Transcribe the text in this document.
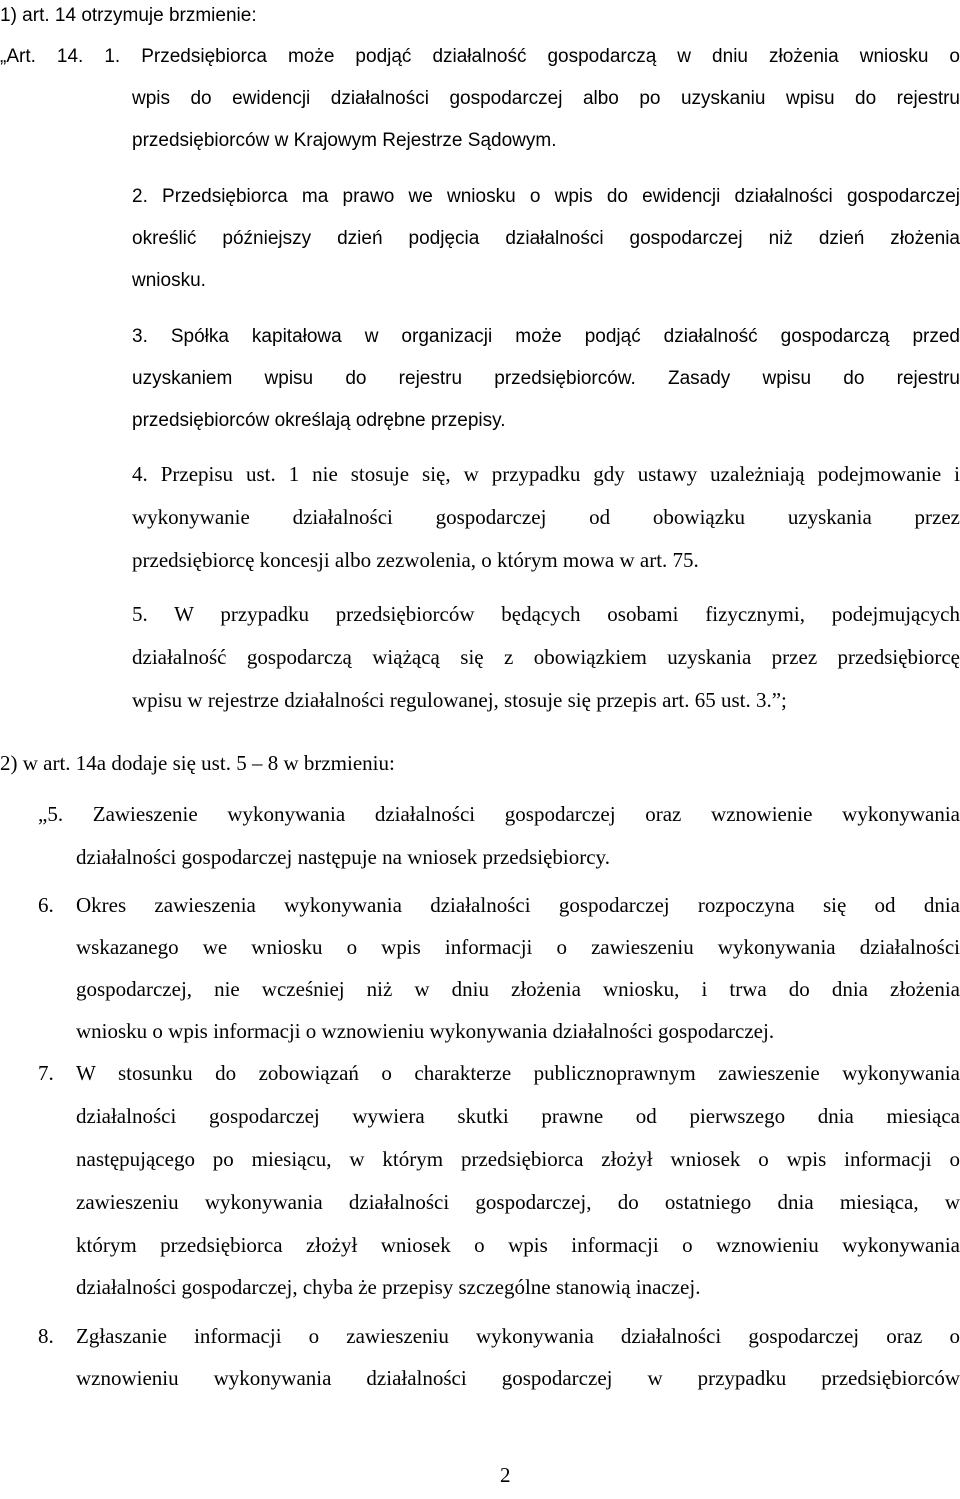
1) art. 14 otrzymuje brzmienie:
„Art. 14. 1. Przedsiębiorca może podjąć działalność gospodarczą w dniu złożenia wniosku o
wpis do ewidencji działalności gospodarczej albo po uzyskaniu wpisu do rejestru
przedsiębiorców w Krajowym Rejestrze Sądowym.
2. Przedsiębiorca ma prawo we wniosku o wpis do ewidencji działalności gospodarczej
określić późniejszy dzień podjęcia działalności gospodarczej niż dzień złożenia
wniosku.
3. Spółka kapitałowa w organizacji może podjąć działalność gospodarczą przed
uzyskaniem wpisu do rejestru przedsiębiorców. Zasady wpisu do rejestru
przedsiębiorców określają odrębne przepisy.
4. Przepisu ust. 1 nie stosuje się, w przypadku gdy ustawy uzależniają podejmowanie i
wykonywanie działalności gospodarczej od obowiązku uzyskania przez
przedsiębiorcę koncesji albo zezwolenia, o którym mowa w art. 75.
5. W przypadku przedsiębiorców będących osobami fizycznymi, podejmujących
działalność gospodarczą wiążącą się z obowiązkiem uzyskania przez przedsiębiorcę
wpisu w rejestrze działalności regulowanej, stosuje się przepis art. 65 ust. 3.”;
2) w art. 14a dodaje się ust. 5 – 8 w brzmieniu:
„5. Zawieszenie wykonywania działalności gospodarczej oraz wznowienie wykonywania
działalności gospodarczej następuje na wniosek przedsiębiorcy.
6. Okres zawieszenia wykonywania działalności gospodarczej rozpoczyna się od dnia
wskazanego we wniosku o wpis informacji o zawieszeniu wykonywania działalności
gospodarczej, nie wcześniej niż w dniu złożenia wniosku, i trwa do dnia złożenia
wniosku o wpis informacji o wznowieniu wykonywania działalności gospodarczej.
7. W stosunku do zobowiązań o charakterze publicznoprawnym zawieszenie wykonywania
działalności gospodarczej wywiera skutki prawne od pierwszego dnia miesiąca
następującego po miesiącu, w którym przedsiębiorca złożył wniosek o wpis informacji o
zawieszeniu wykonywania działalności gospodarczej, do ostatniego dnia miesiąca, w
którym przedsiębiorca złożył wniosek o wpis informacji o wznowieniu wykonywania
działalności gospodarczej, chyba że przepisy szczególne stanowią inaczej.
8. Zgłaszanie informacji o zawieszeniu wykonywania działalności gospodarczej oraz o
wznowieniu wykonywania działalności gospodarczej w przypadku przedsiębiorców
2
